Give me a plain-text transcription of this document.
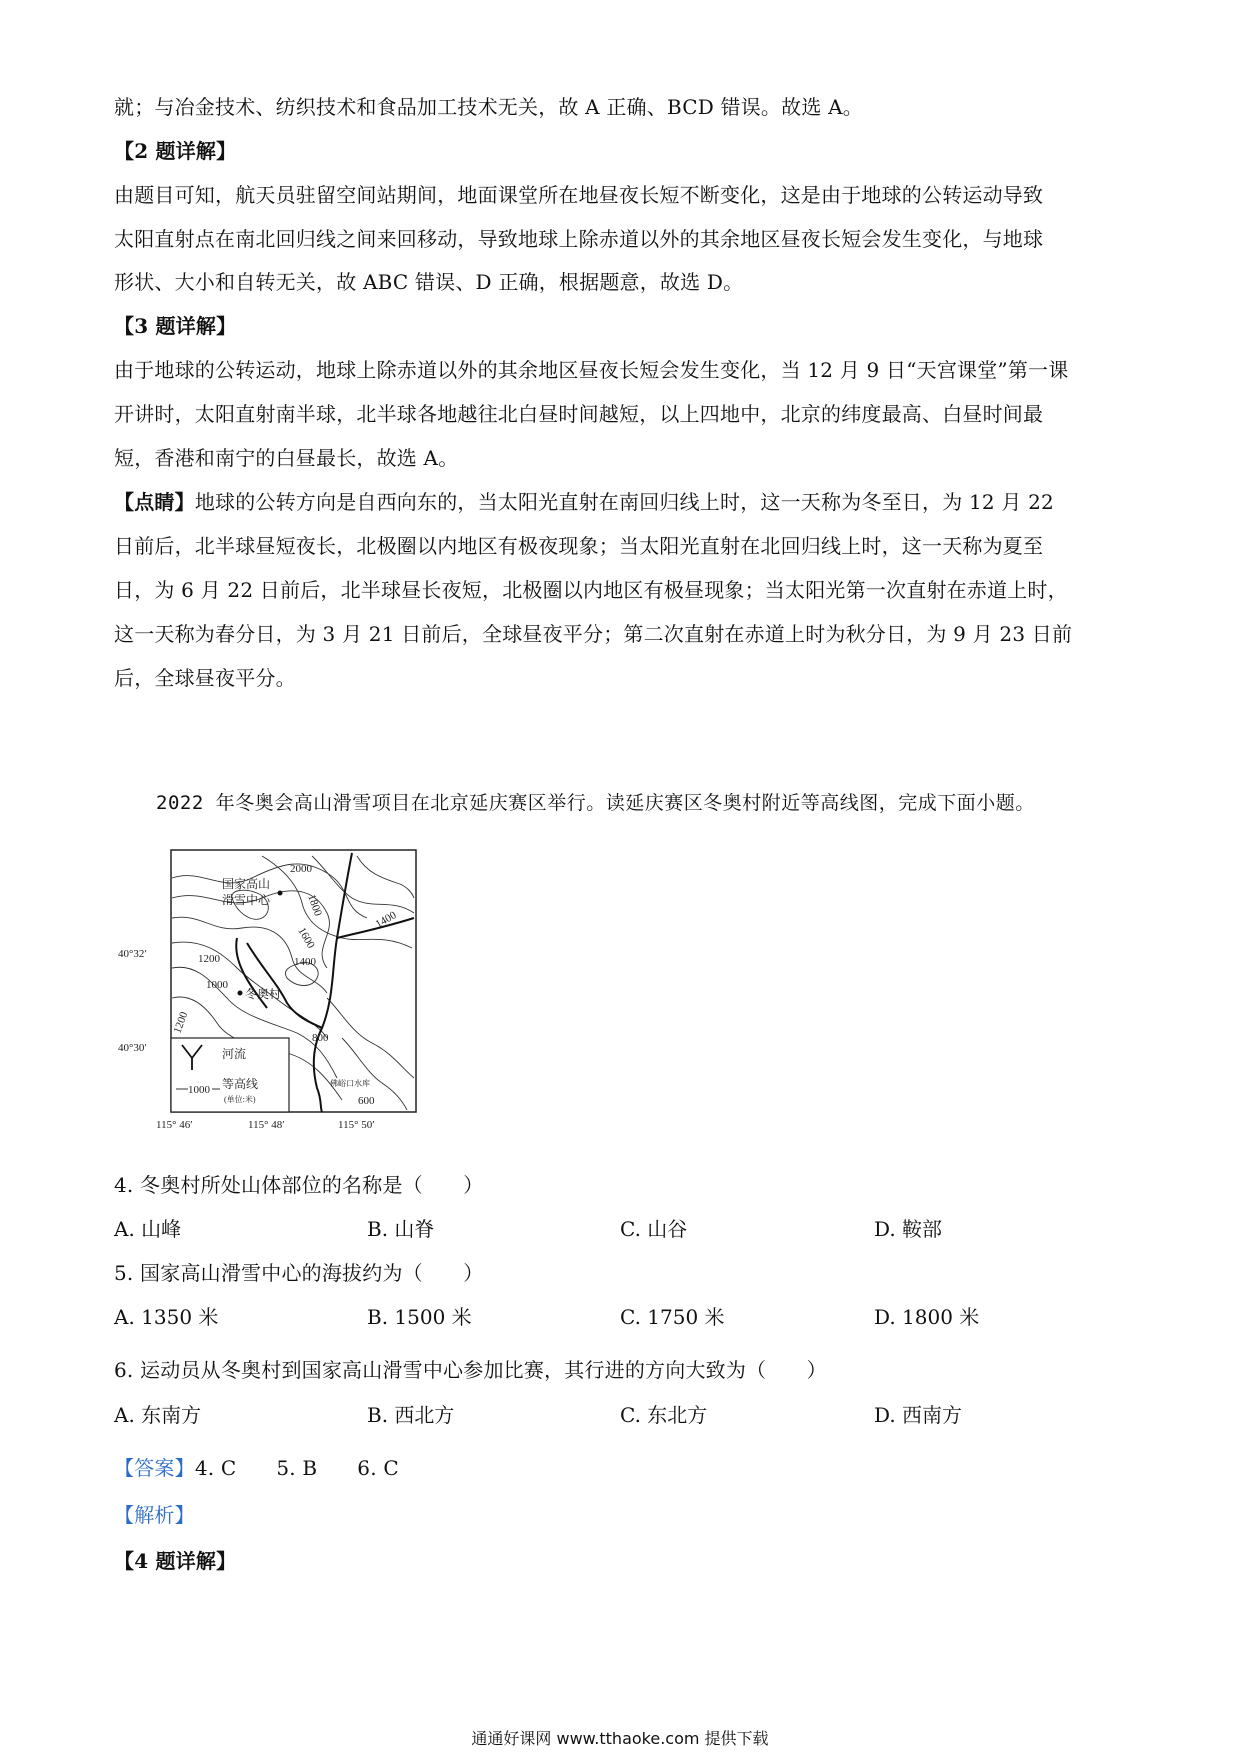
就；与冶金技术、纺织技术和食品加工技术无关，故 A 正确、BCD 错误。故选 A。
【2 题详解】
由题目可知，航天员驻留空间站期间，地面课堂所在地昼夜长短不断变化，这是由于地球的公转运动导致
太阳直射点在南北回归线之间来回移动，导致地球上除赤道以外的其余地区昼夜长短会发生变化，与地球
形状、大小和自转无关，故 ABC 错误、D 正确，根据题意，故选 D。
【3 题详解】
由于地球的公转运动，地球上除赤道以外的其余地区昼夜长短会发生变化，当 12 月 9 日“天宫课堂”第一课
开讲时，太阳直射南半球，北半球各地越往北白昼时间越短，以上四地中，北京的纬度最高、白昼时间最
短，香港和南宁的白昼最长，故选 A。
【点睛】地球的公转方向是自西向东的，当太阳光直射在南回归线上时，这一天称为冬至日，为 12 月 22
日前后，北半球昼短夜长，北极圈以内地区有极夜现象；当太阳光直射在北回归线上时，这一天称为夏至
日，为 6 月 22 日前后，北半球昼长夜短，北极圈以内地区有极昼现象；当太阳光第一次直射在赤道上时，
这一天称为春分日，为 3 月 21 日前后，全球昼夜平分；第二次直射在赤道上时为秋分日，为 9 月 23 日前
后，全球昼夜平分。
2022 年冬奥会高山滑雪项目在北京延庆赛区举行。读延庆赛区冬奥村附近等高线图，完成下面小题。
40°32′
40°30′
115° 46′	115° 48′	115° 50′
2000
1800
1600
1400
1400
1200
1000
1200
800
600
国家高山
滑雪中心
冬奥村
佛峪口水库
河流
1000 等高线
(单位:米)
4. 冬奥村所处山体部位的名称是（　　）
A. 山峰	B. 山脊	C. 山谷	D. 鞍部
5. 国家高山滑雪中心的海拔约为（　　）
A. 1350 米	B. 1500 米	C. 1750 米	D. 1800 米
6. 运动员从冬奥村到国家高山滑雪中心参加比赛，其行进的方向大致为（　　）
A. 东南方	B. 西北方	C. 东北方	D. 西南方
【答案】4. C 5. B 6. C
【解析】
【4 题详解】
通通好课网 www.tthaoke.com 提供下载
